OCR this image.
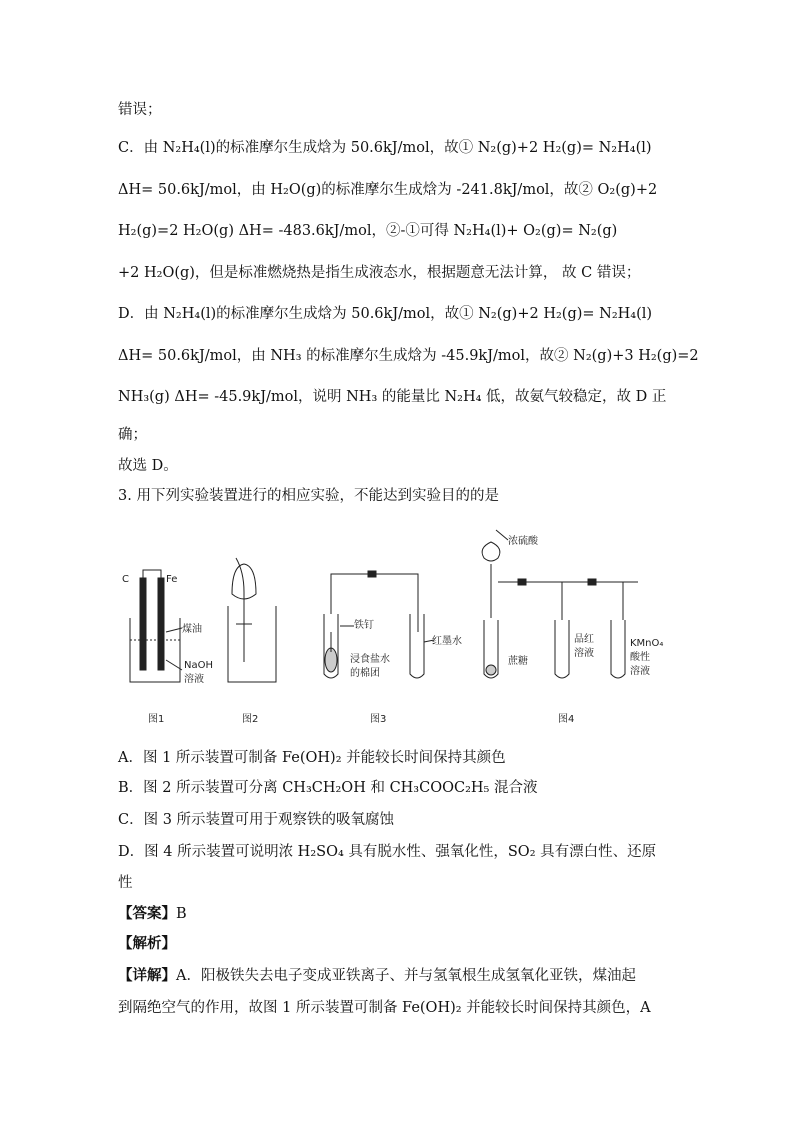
错误；
C．由 N₂H₄(l)的标准摩尔生成焓为 50.6kJ/mol，故① N₂(g)+2 H₂(g)= N₂H₄(l)
ΔH= 50.6kJ/mol，由 H₂O(g)的标准摩尔生成焓为 -241.8kJ/mol，故② O₂(g)+2
H₂(g)=2 H₂O(g) ΔH= -483.6kJ/mol，②-①可得 N₂H₄(l)+ O₂(g)= N₂(g)
+2 H₂O(g)，但是标准燃烧热是指生成液态水，根据题意无法计算， 故 C 错误；
D．由 N₂H₄(l)的标准摩尔生成焓为 50.6kJ/mol，故① N₂(g)+2 H₂(g)= N₂H₄(l)
ΔH= 50.6kJ/mol，由 NH₃ 的标准摩尔生成焓为 -45.9kJ/mol，故② N₂(g)+3 H₂(g)=2
NH₃(g) ΔH= -45.9kJ/mol，说明 NH₃ 的能量比 N₂H₄ 低，故氨气较稳定，故 D 正
确；
故选 D。
3. 用下列实验装置进行的相应实验，不能达到实验目的的是
C	Fe
煤油
NaOH
溶液
图1	图2
铁钉
浸食盐水
的棉团
红墨水
图3
浓硫酸
蔗糖
品红
溶液
KMnO₄
酸性
溶液
图4
A．图 1 所示装置可制备 Fe(OH)₂ 并能较长时间保持其颜色
B．图 2 所示装置可分离 CH₃CH₂OH 和 CH₃COOC₂H₅ 混合液
C．图 3 所示装置可用于观察铁的吸氧腐蚀
D．图 4 所示装置可说明浓 H₂SO₄ 具有脱水性、强氧化性，SO₂ 具有漂白性、还原
性
【答案】B
【解析】
【详解】A．阳极铁失去电子变成亚铁离子、并与氢氧根生成氢氧化亚铁，煤油起
到隔绝空气的作用，故图 1 所示装置可制备 Fe(OH)₂ 并能较长时间保持其颜色，A
